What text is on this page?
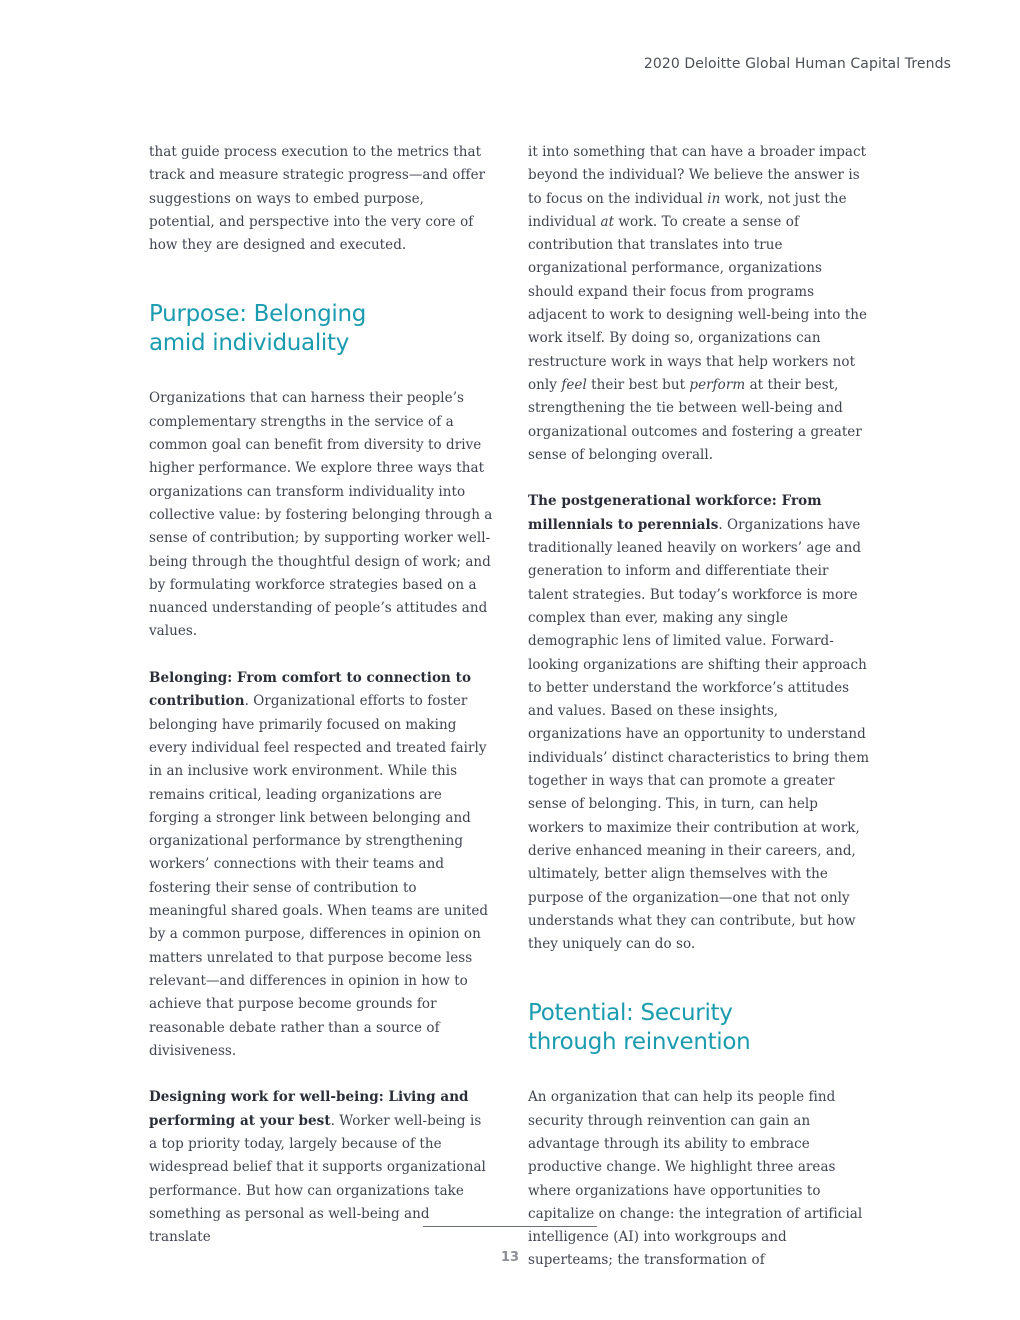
2020 Deloitte Global Human Capital Trends

that guide process execution to the metrics that track and measure strategic progress—and offer suggestions on ways to embed purpose, potential, and perspective into the very core of how they are designed and executed.

Purpose: Belonging
amid individuality

Organizations that can harness their people’s complementary strengths in the service of a common goal can benefit from diversity to drive higher performance. We explore three ways that organizations can transform individuality into collective value: by fostering belonging through a sense of contribution; by supporting worker well-being through the thoughtful design of work; and by formulating workforce strategies based on a nuanced understanding of people’s attitudes and values.

Belonging: From comfort to connection to contribution. Organizational efforts to foster belonging have primarily focused on making every individual feel respected and treated fairly in an inclusive work environment. While this remains critical, leading organizations are forging a stronger link between belonging and organizational performance by strengthening workers’ connections with their teams and fostering their sense of contribution to meaningful shared goals. When teams are united by a common purpose, differences in opinion on matters unrelated to that purpose become less relevant—and differences in opinion in how to achieve that purpose become grounds for reasonable debate rather than a source of divisiveness.

Designing work for well-being: Living and performing at your best. Worker well-being is a top priority today, largely because of the widespread belief that it supports organizational performance. But how can organizations take something as personal as well-being and translate

it into something that can have a broader impact beyond the individual? We believe the answer is to focus on the individual in work, not just the individual at work. To create a sense of contribution that translates into true organizational performance, organizations should expand their focus from programs adjacent to work to designing well-being into the work itself. By doing so, organizations can restructure work in ways that help workers not only feel their best but perform at their best, strengthening the tie between well-being and organizational outcomes and fostering a greater sense of belonging overall.

The postgenerational workforce: From millennials to perennials. Organizations have traditionally leaned heavily on workers’ age and generation to inform and differentiate their talent strategies. But today’s workforce is more complex than ever, making any single demographic lens of limited value. Forward-looking organizations are shifting their approach to better understand the workforce’s attitudes and values. Based on these insights, organizations have an opportunity to understand individuals’ distinct characteristics to bring them together in ways that can promote a greater sense of belonging. This, in turn, can help workers to maximize their contribution at work, derive enhanced meaning in their careers, and, ultimately, better align themselves with the purpose of the organization—one that not only understands what they can contribute, but how they uniquely can do so.

Potential: Security
through reinvention

An organization that can help its people find security through reinvention can gain an advantage through its ability to embrace productive change. We highlight three areas where organizations have opportunities to capitalize on change: the integration of artificial intelligence (AI) into workgroups and superteams; the transformation of

13
